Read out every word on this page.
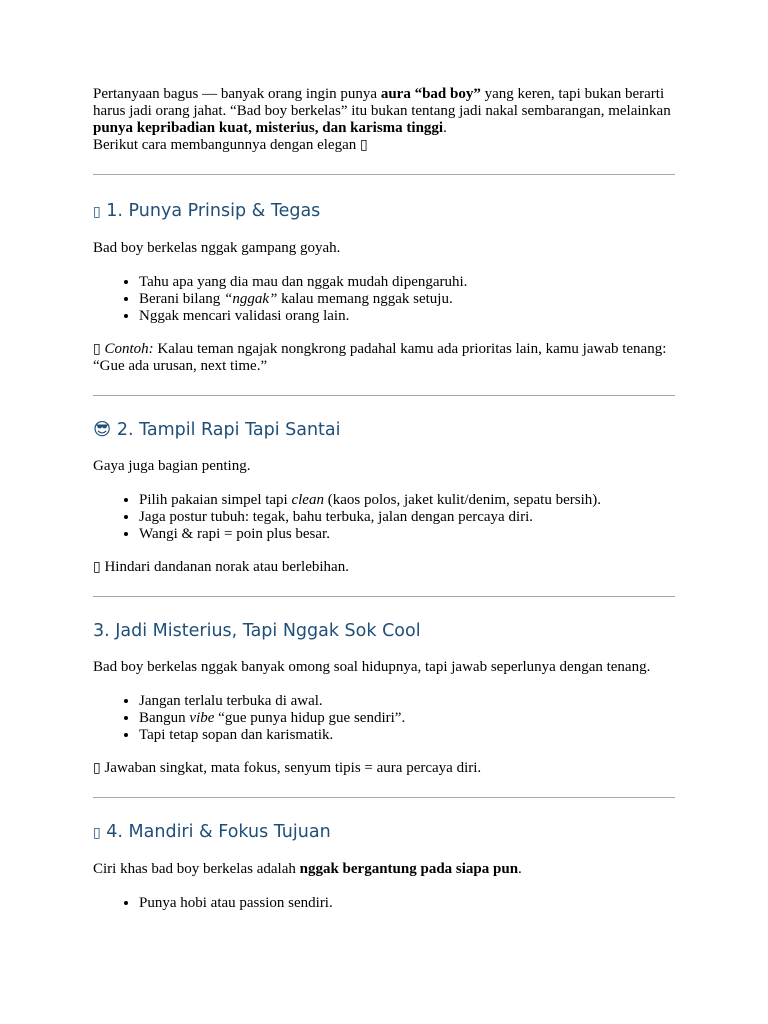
Pertanyaan bagus — banyak orang ingin punya aura “bad boy” yang keren, tapi bukan berarti harus jadi orang jahat. “Bad boy berkelas” itu bukan tentang jadi nakal sembarangan, melainkan punya kepribadian kuat, misterius, dan karisma tinggi.
Berikut cara membangunnya dengan elegan ▯

▯ 1. Punya Prinsip & Tegas

Bad boy berkelas nggak gampang goyah.

• Tahu apa yang dia mau dan nggak mudah dipengaruhi.
• Berani bilang “nggak” kalau memang nggak setuju.
• Nggak mencari validasi orang lain.

▯ Contoh: Kalau teman ngajak nongkrong padahal kamu ada prioritas lain, kamu jawab tenang: “Gue ada urusan, next time.”

😎 2. Tampil Rapi Tapi Santai

Gaya juga bagian penting.

• Pilih pakaian simpel tapi clean (kaos polos, jaket kulit/denim, sepatu bersih).
• Jaga postur tubuh: tegak, bahu terbuka, jalan dengan percaya diri.
• Wangi & rapi = poin plus besar.

▯ Hindari dandanan norak atau berlebihan.

3. Jadi Misterius, Tapi Nggak Sok Cool

Bad boy berkelas nggak banyak omong soal hidupnya, tapi jawab seperlunya dengan tenang.

• Jangan terlalu terbuka di awal.
• Bangun vibe “gue punya hidup gue sendiri”.
• Tapi tetap sopan dan karismatik.

▯ Jawaban singkat, mata fokus, senyum tipis = aura percaya diri.

▯ 4. Mandiri & Fokus Tujuan

Ciri khas bad boy berkelas adalah nggak bergantung pada siapa pun.

• Punya hobi atau passion sendiri.
